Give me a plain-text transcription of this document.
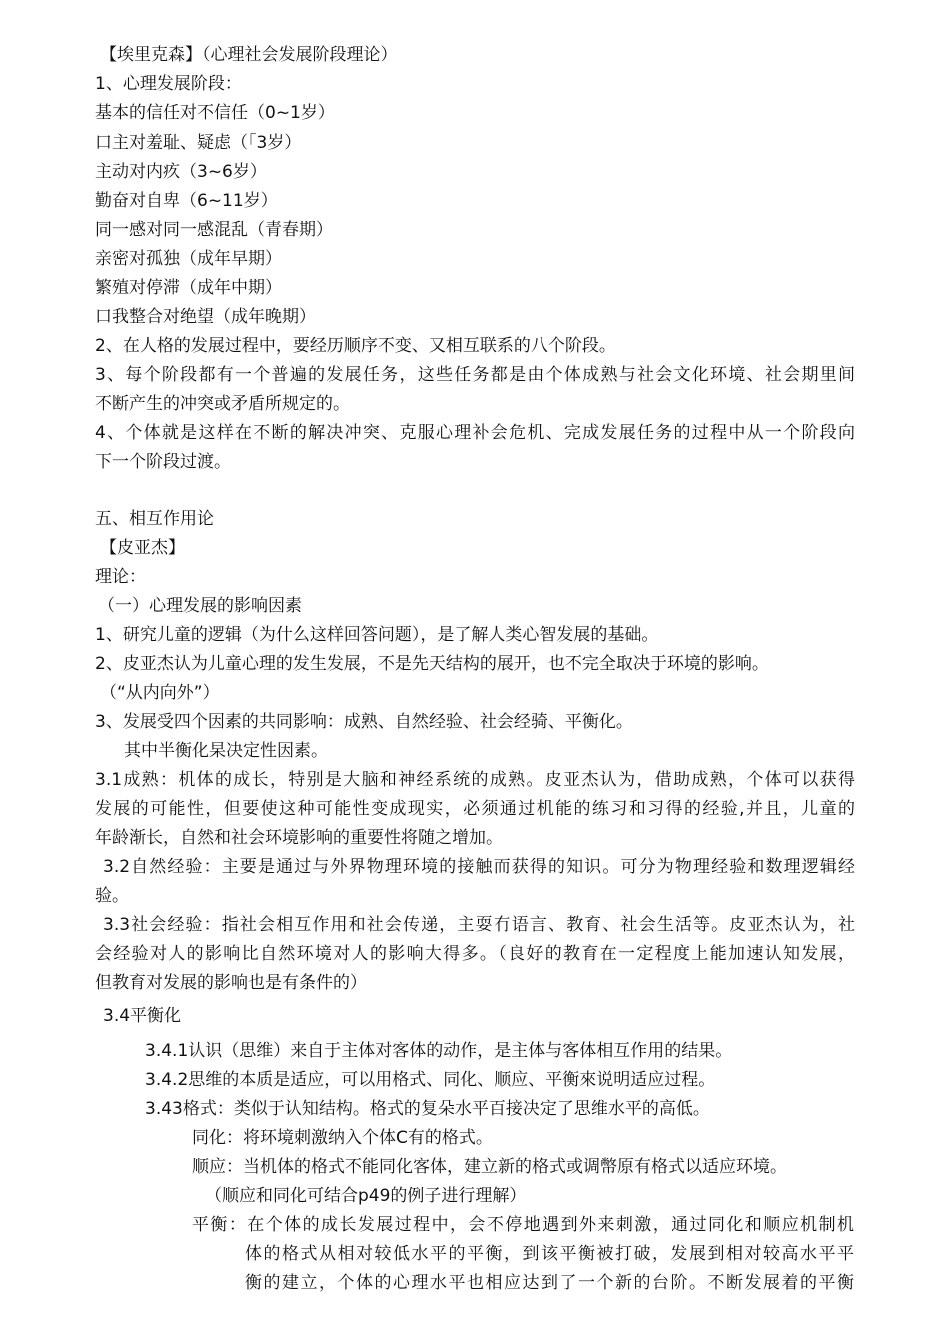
【埃里克森】（心理社会发展阶段理论）
1、心理发展阶段：
基本的信任对不信任（0~1岁）
口主对羞耻、疑虑（「3岁）
主动对内疚（3~6岁）
勤奋对自卑（6~11岁）
同一感对同一感混乱（青春期）
亲密对孤独（成年早期）
繁殖对停滞（成年中期）
口我整合对绝望（成年晚期）
2、在人格的发展过程中，要经历顺序不变、又相互联系的八个阶段。
3、每个阶段都有一个普遍的发展任务，这些任务都是由个体成熟与社会文化环境、社会期里间
不断产生的冲突或矛盾所规定的。
4、个体就是这样在不断的解决冲突、克服心理补会危机、完成发展任务的过程中从一个阶段向
下一个阶段过渡。
五、相互作用论
【皮亚杰】
理论：
（一）心理发展的影响因素
1、研究儿童的逻辑（为什么这样回答问题），是了解人类心智发展的基础。
2、皮亚杰认为儿童心理的发生发展，不是先天结构的展开，也不完全取决于环境的影响。
（“从内向外”）
3、发展受四个因素的共同影响：成熟、自然经验、社会经骑、平衡化。
其中半衡化杲决定性因素。
3.1成熟：机体的成长，特别是大脑和神经系统的成熟。皮亚杰认为，借助成熟，个体可以获得
发展的可能性，但要使这种可能性变成现实，必须通过机能的练习和习得的经验,并且，儿童的
年龄渐长，自然和社会环境影响的重要性将随之增加。
3.2自然经验：主要是通过与外界物理环境的接触而获得的知识。可分为物理经验和数理逻辑经
验。
3.3社会经验：指社会相互作用和社会传递，主耍冇语言、教育、社会生活等。皮亚杰认为，社
会经验对人的影响比自然环境对人的影响大得多。（良好的教育在一定程度上能加速认知发展，
但教育对发展的影响也是有条件的）
3.4平衡化
3.4.1认识（思维）来自于主体对客体的动作，是主体与客体相互作用的结果。
3.4.2思维的本质是适应，可以用格式、同化、顺应、平衡來说明适应过程。
3.43格式：类似于认知结构。格式的复朵水平百接决定了思维水平的高低。
同化：将环境刺激纳入个体C有的格式。
顺应：当机体的格式不能同化客体，建立新的格式或调幣原有格式以适应环境。
（顺应和同化可结合p49的例子进行理解）
平衡：在个体的成长发展过程中，会不停地遇到外来刺激，通过同化和顺应机制机
体的格式从相对较低水平的平衡，到该平衡被打破，发展到相对较高水平平
衡的建立，个体的心理水平也相应达到了一个新的台阶。不断发展着的平衡
